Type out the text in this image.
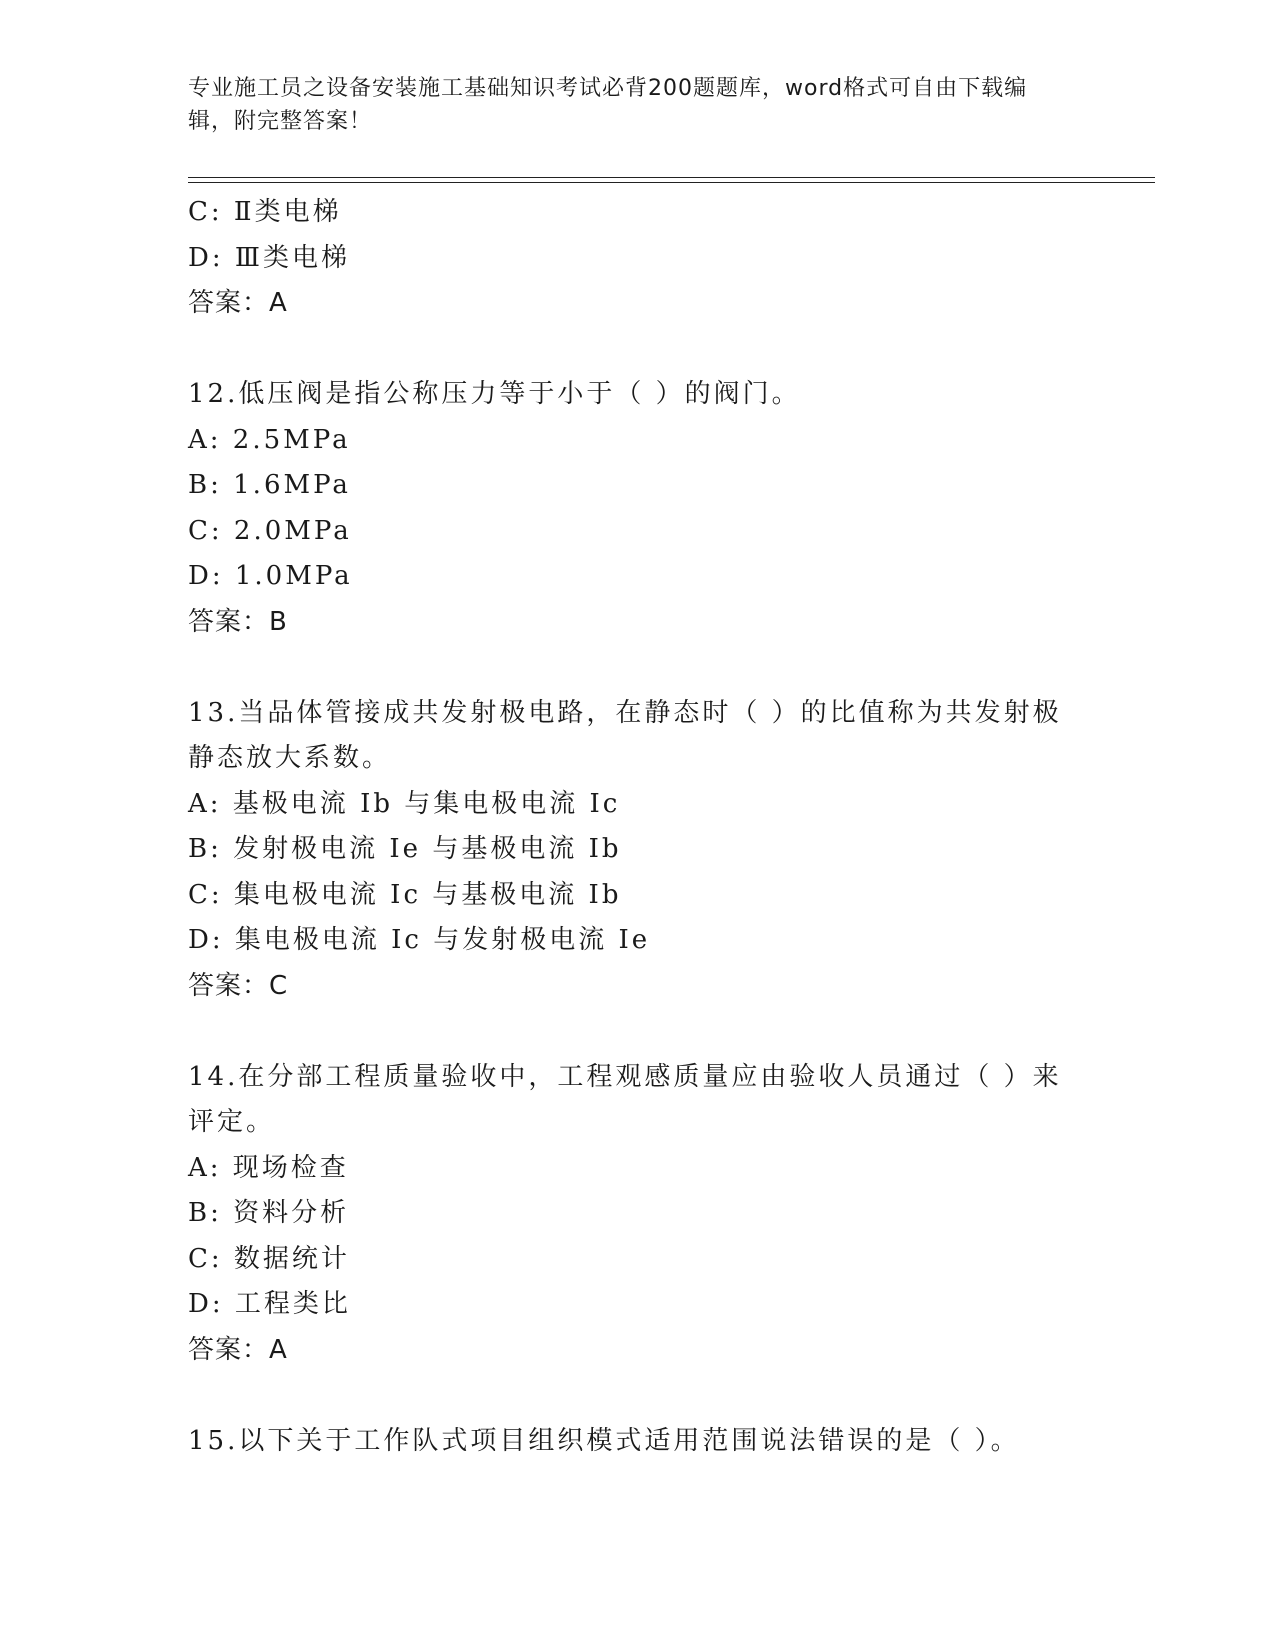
专业施工员之设备安装施工基础知识考试必背200题题库，word格式可自由下载编辑，附完整答案！
C: Ⅱ类电梯
D: Ⅲ类电梯
答案：A
12.低压阀是指公称压力等于小于（ ）的阀门。
A: 2.5MPa
B: 1.6MPa
C: 2.0MPa
D: 1.0MPa
答案：B
13.当品体管接成共发射极电路，在静态时（ ）的比值称为共发射极静态放大系数。
A: 基极电流 Ib 与集电极电流 Ic
B: 发射极电流 Ie 与基极电流 Ib
C: 集电极电流 Ic 与基极电流 Ib
D: 集电极电流 Ic 与发射极电流 Ie
答案：C
14.在分部工程质量验收中，工程观感质量应由验收人员通过（ ）来评定。
A: 现场检查
B: 资料分析
C: 数据统计
D: 工程类比
答案：A
15.以下关于工作队式项目组织模式适用范围说法错误的是（ ）。
